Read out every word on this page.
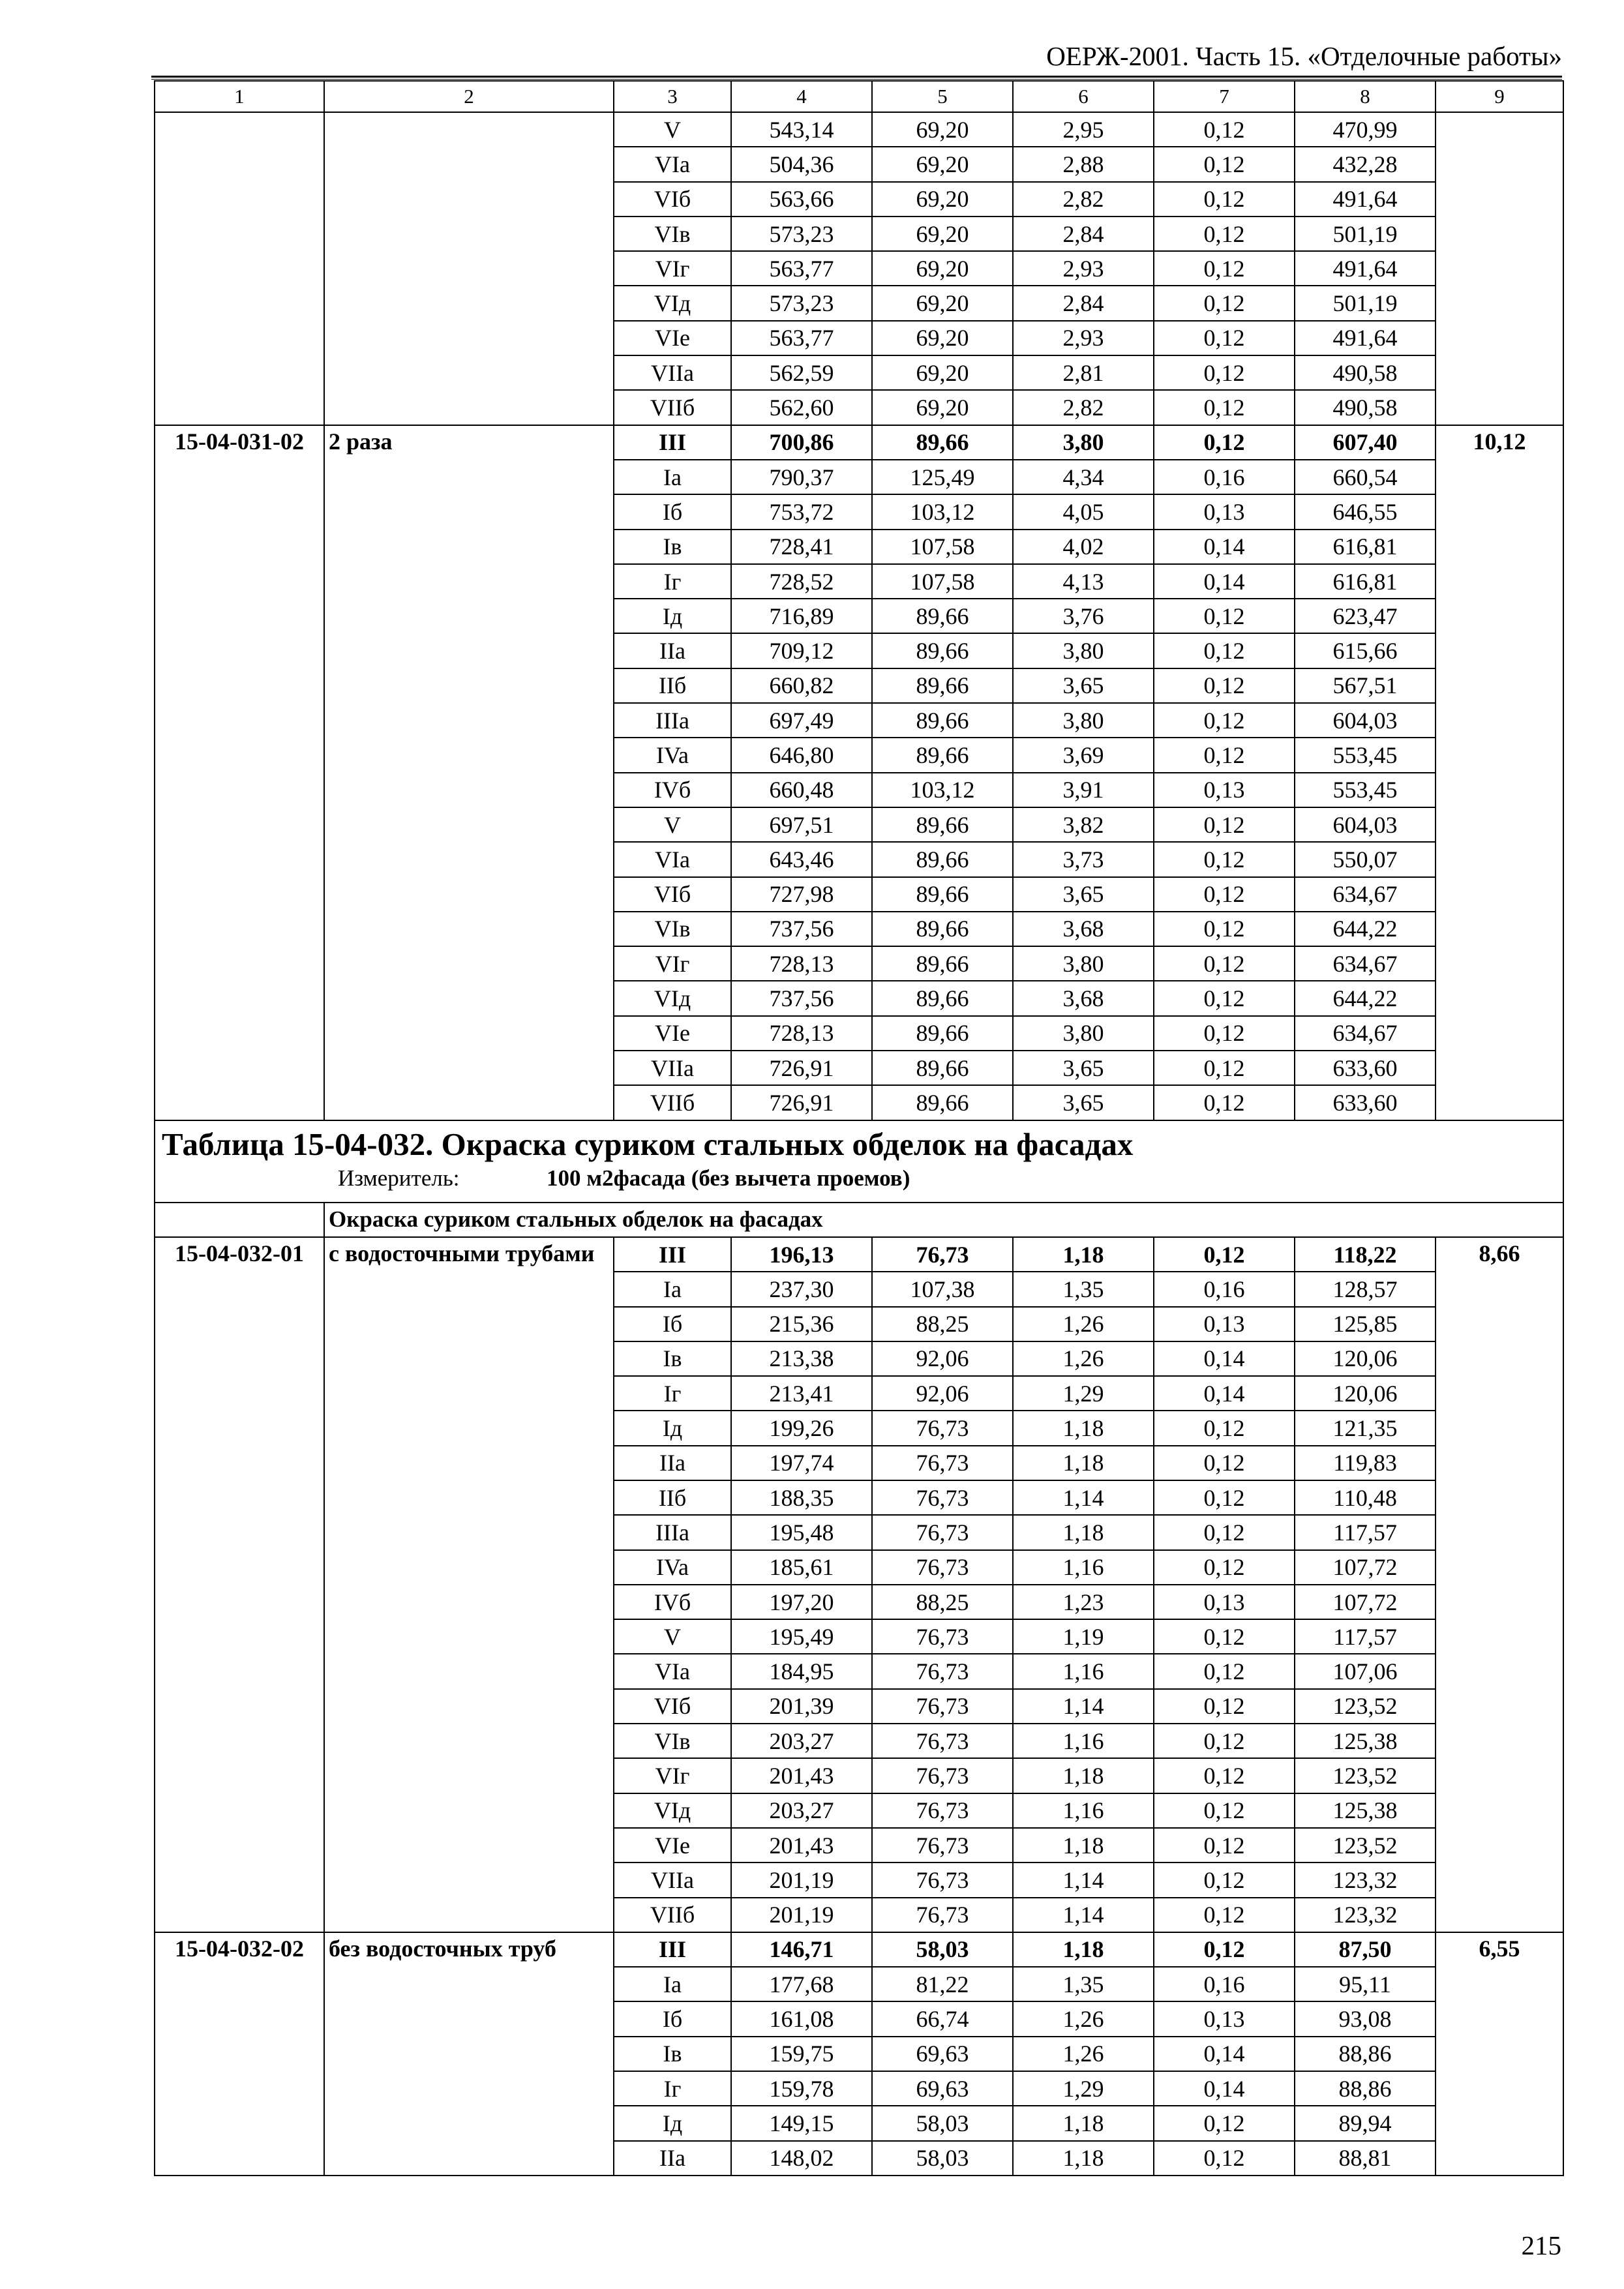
ОЕРЖ-2001. Часть 15. «Отделочные работы»
1	2	3	4	5	6	7	8	9
		V	543,14	69,20	2,95	0,12	470,99	
		VIa	504,36	69,20	2,88	0,12	432,28	
		VIб	563,66	69,20	2,82	0,12	491,64	
		VIв	573,23	69,20	2,84	0,12	501,19	
		VIг	563,77	69,20	2,93	0,12	491,64	
		VIд	573,23	69,20	2,84	0,12	501,19	
		VIe	563,77	69,20	2,93	0,12	491,64	
		VIIa	562,59	69,20	2,81	0,12	490,58	
		VIIб	562,60	69,20	2,82	0,12	490,58	
15-04-031-02	2 раза	III	700,86	89,66	3,80	0,12	607,40	10,12
		Ia	790,37	125,49	4,34	0,16	660,54	
		Iб	753,72	103,12	4,05	0,13	646,55	
		Iв	728,41	107,58	4,02	0,14	616,81	
		Iг	728,52	107,58	4,13	0,14	616,81	
		Iд	716,89	89,66	3,76	0,12	623,47	
		IIa	709,12	89,66	3,80	0,12	615,66	
		IIб	660,82	89,66	3,65	0,12	567,51	
		IIIa	697,49	89,66	3,80	0,12	604,03	
		IVa	646,80	89,66	3,69	0,12	553,45	
		IVб	660,48	103,12	3,91	0,13	553,45	
		V	697,51	89,66	3,82	0,12	604,03	
		VIa	643,46	89,66	3,73	0,12	550,07	
		VIб	727,98	89,66	3,65	0,12	634,67	
		VIв	737,56	89,66	3,68	0,12	644,22	
		VIг	728,13	89,66	3,80	0,12	634,67	
		VIд	737,56	89,66	3,68	0,12	644,22	
		VIe	728,13	89,66	3,80	0,12	634,67	
		VIIa	726,91	89,66	3,65	0,12	633,60	
		VIIб	726,91	89,66	3,65	0,12	633,60	

Таблица 15-04-032. Окраска суриком стальных обделок на фасадах
Измеритель: 100 м2фасада (без вычета проемов)								

	Окраска суриком стальных обделок на фасадах							
15-04-032-01	с водосточными трубами	III	196,13	76,73	1,18	0,12	118,22	8,66
		Ia	237,30	107,38	1,35	0,16	128,57	
		Iб	215,36	88,25	1,26	0,13	125,85	
		Iв	213,38	92,06	1,26	0,14	120,06	
		Iг	213,41	92,06	1,29	0,14	120,06	
		Iд	199,26	76,73	1,18	0,12	121,35	
		IIa	197,74	76,73	1,18	0,12	119,83	
		IIб	188,35	76,73	1,14	0,12	110,48	
		IIIa	195,48	76,73	1,18	0,12	117,57	
		IVa	185,61	76,73	1,16	0,12	107,72	
		IVб	197,20	88,25	1,23	0,13	107,72	
		V	195,49	76,73	1,19	0,12	117,57	
		VIa	184,95	76,73	1,16	0,12	107,06	
		VIб	201,39	76,73	1,14	0,12	123,52	
		VIв	203,27	76,73	1,16	0,12	125,38	
		VIг	201,43	76,73	1,18	0,12	123,52	
		VIд	203,27	76,73	1,16	0,12	125,38	
		VIe	201,43	76,73	1,18	0,12	123,52	
		VIIa	201,19	76,73	1,14	0,12	123,32	
		VIIб	201,19	76,73	1,14	0,12	123,32	
15-04-032-02	без водосточных труб	III	146,71	58,03	1,18	0,12	87,50	6,55
		Ia	177,68	81,22	1,35	0,16	95,11	
		Iб	161,08	66,74	1,26	0,13	93,08	
		Iв	159,75	69,63	1,26	0,14	88,86	
		Iг	159,78	69,63	1,29	0,14	88,86	
		Iд	149,15	58,03	1,18	0,12	89,94	
		IIa	148,02	58,03	1,18	0,12	88,81	
215
